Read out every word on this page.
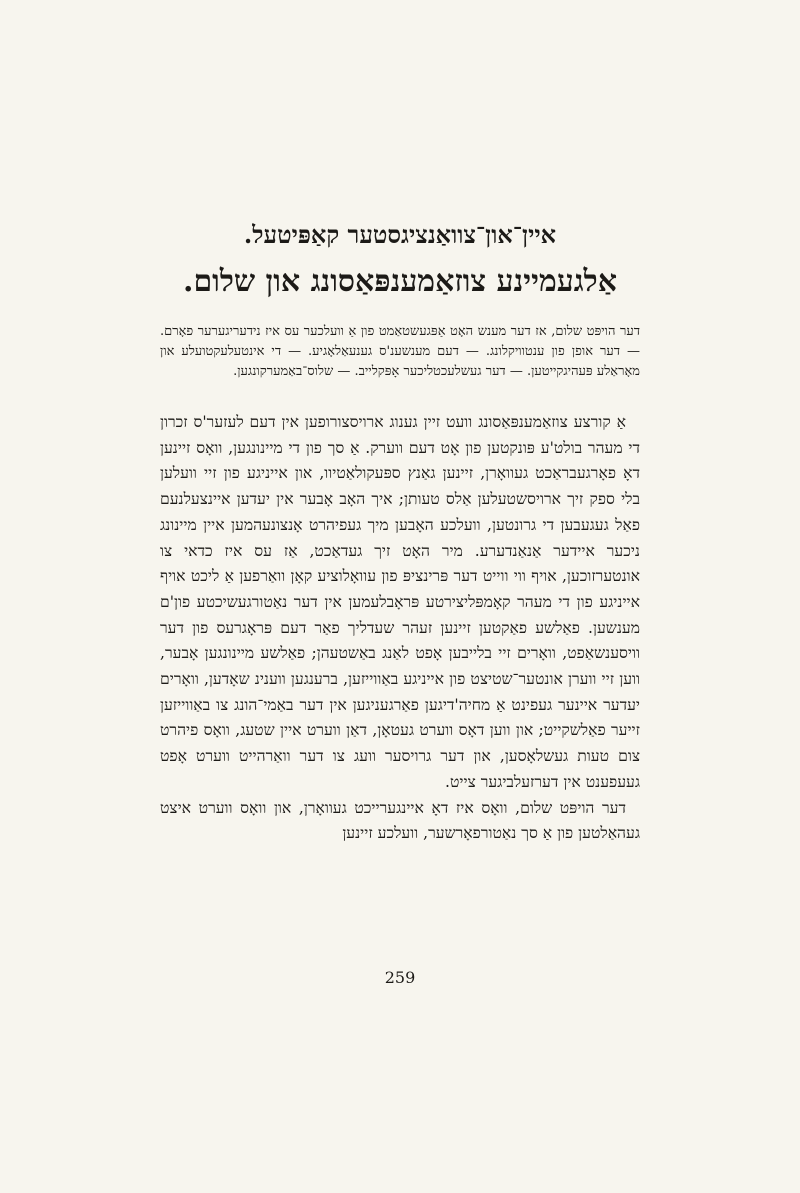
איין־און־צוואַנציגסטער קאַפּיטעל.
אַלגעמיינע צוזאַמענפּאַסונג און שלום.
דער הויפּט שלום, אז דער מענש האָט אַפּגעשטאַמט פון אַ וועלכער עס איז נידעריגערער פאָרם. — דער אופן פון ענטוויקלונג. — דעם מענשענ'ס גענעאַלאָגיע. — די אינטעלעקטועלע און מאָראַלע פּעהיגקייטען. — דער געשלעכטליכער אָפּקלייב. — שלוס־באַמערקונגען.

אַ קורצע צוזאַמענפּאַסונג וועט זיין גענוג ארויסצורופען אין דעם לעזער'ס זכרון די מעהר בולט'ע פּונקטען פון אָט דעם ווערק. אַ סך פון די מיינונגען, וואָס זיינען דאָ פאָרגעבראַכט געוואָרן, זיינען גאַנץ ספּעקולאַטיוו, און אייניגע פון זיי וועלען בלי ספק זיך ארויסשטעלען אַלס טעותן; איך האָב אָבער אין יעדען איינצעלנעם פאַל געגעבען די גרונטען, וועלכע האָבען מיך געפיהרט אָנצונעהמען איין מיינונג ניכער איידער אַנאַנדערע. מיר האָט זיך געדאַכט, אַז עס איז כדאי צו אונטערזוכען, אויף ווי ווייט דער פּרינציפּ פון עוואָלוציע קאָן וואַרפען אַ ליכט אויף אייניגע פון די מעהר קאָמפּליצירטע פּראָבלעמען אין דער נאַטורגעשיכטע פון'ם מענשען. פאַלשע פאַקטען זיינען זעהר שעדליך פאַר דעם פּראָגרעס פון דער וויסענשאַפט, וואָרים זיי בלייבען אָפט לאַנג באַשטעהן; פאַלשע מיינונגען אָבער, ווען זיי ווערן אונטער־שטיצט פון אייניגע באַווייזען, ברענגען ווענינ שאָדען, וואָרים יעדער איינער געפינט אַ מחיה'דיגען פאַרגעניגען אין דער באַמי־הונג צו באַווייזען זייער פאַלשקייט; און ווען דאָס ווערט געטאָן, דאַן ווערט איין שטעג, וואָס פיהרט צום טעות געשלאָסען, און דער גרויסער וועג צו דער וואַרהייט ווערט אָפט געעפענט אין דערזעלביגער צייט.

דער הויפּט שלום, וואָס איז דאָ איינגערייכט געוואָרן, און וואָס ווערט איצט געהאַלטען פון אַ סך נאַטורפאָרשער, וועלכע זיינען

259
